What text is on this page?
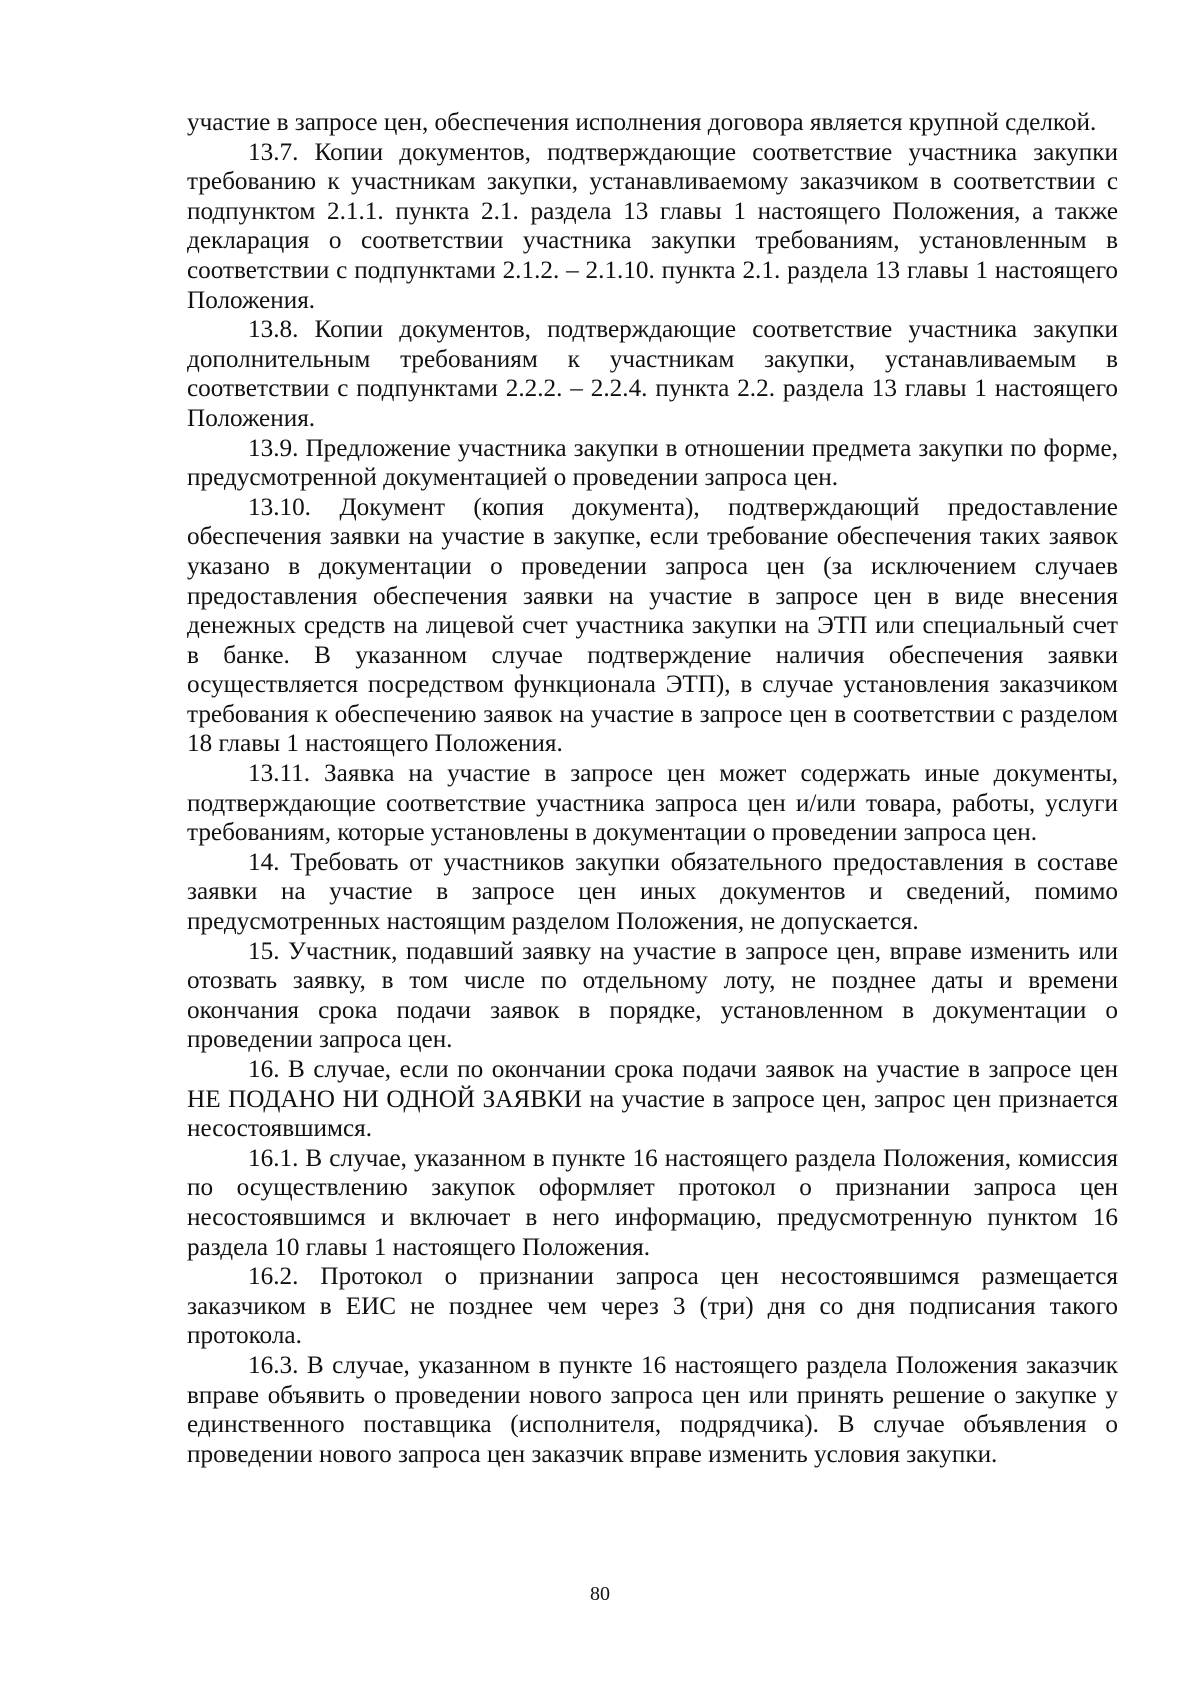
участие в запросе цен, обеспечения исполнения договора является крупной сделкой.

13.7. Копии документов, подтверждающие соответствие участника закупки требованию к участникам закупки, устанавливаемому заказчиком в соответствии с подпунктом 2.1.1. пункта 2.1. раздела 13 главы 1 настоящего Положения, а также декларация о соответствии участника закупки требованиям, установленным в соответствии с подпунктами 2.1.2. – 2.1.10. пункта 2.1. раздела 13 главы 1 настоящего Положения.

13.8. Копии документов, подтверждающие соответствие участника закупки дополнительным требованиям к участникам закупки, устанавливаемым в соответствии с подпунктами 2.2.2. – 2.2.4. пункта 2.2. раздела 13 главы 1 настоящего Положения.

13.9. Предложение участника закупки в отношении предмета закупки по форме, предусмотренной документацией о проведении запроса цен.

13.10. Документ (копия документа), подтверждающий предоставление обеспечения заявки на участие в закупке, если требование обеспечения таких заявок указано в документации о проведении запроса цен (за исключением случаев предоставления обеспечения заявки на участие в запросе цен в виде внесения денежных средств на лицевой счет участника закупки на ЭТП или специальный счет в банке. В указанном случае подтверждение наличия обеспечения заявки осуществляется посредством функционала ЭТП), в случае установления заказчиком требования к обеспечению заявок на участие в запросе цен в соответствии с разделом 18 главы 1 настоящего Положения.

13.11. Заявка на участие в запросе цен может содержать иные документы, подтверждающие соответствие участника запроса цен и/или товара, работы, услуги требованиям, которые установлены в документации о проведении запроса цен.

14. Требовать от участников закупки обязательного предоставления в составе заявки на участие в запросе цен иных документов и сведений, помимо предусмотренных настоящим разделом Положения, не допускается.

15. Участник, подавший заявку на участие в запросе цен, вправе изменить или отозвать заявку, в том числе по отдельному лоту, не позднее даты и времени окончания срока подачи заявок в порядке, установленном в документации о проведении запроса цен.

16. В случае, если по окончании срока подачи заявок на участие в запросе цен НЕ ПОДАНО НИ ОДНОЙ ЗАЯВКИ на участие в запросе цен, запрос цен признается несостоявшимся.

16.1. В случае, указанном в пункте 16 настоящего раздела Положения, комиссия по осуществлению закупок оформляет протокол о признании запроса цен несостоявшимся и включает в него информацию, предусмотренную пунктом 16 раздела 10 главы 1 настоящего Положения.

16.2. Протокол о признании запроса цен несостоявшимся размещается заказчиком в ЕИС не позднее чем через 3 (три) дня со дня подписания такого протокола.

16.3. В случае, указанном в пункте 16 настоящего раздела Положения заказчик вправе объявить о проведении нового запроса цен или принять решение о закупке у единственного поставщика (исполнителя, подрядчика). В случае объявления о проведении нового запроса цен заказчик вправе изменить условия закупки.

80
